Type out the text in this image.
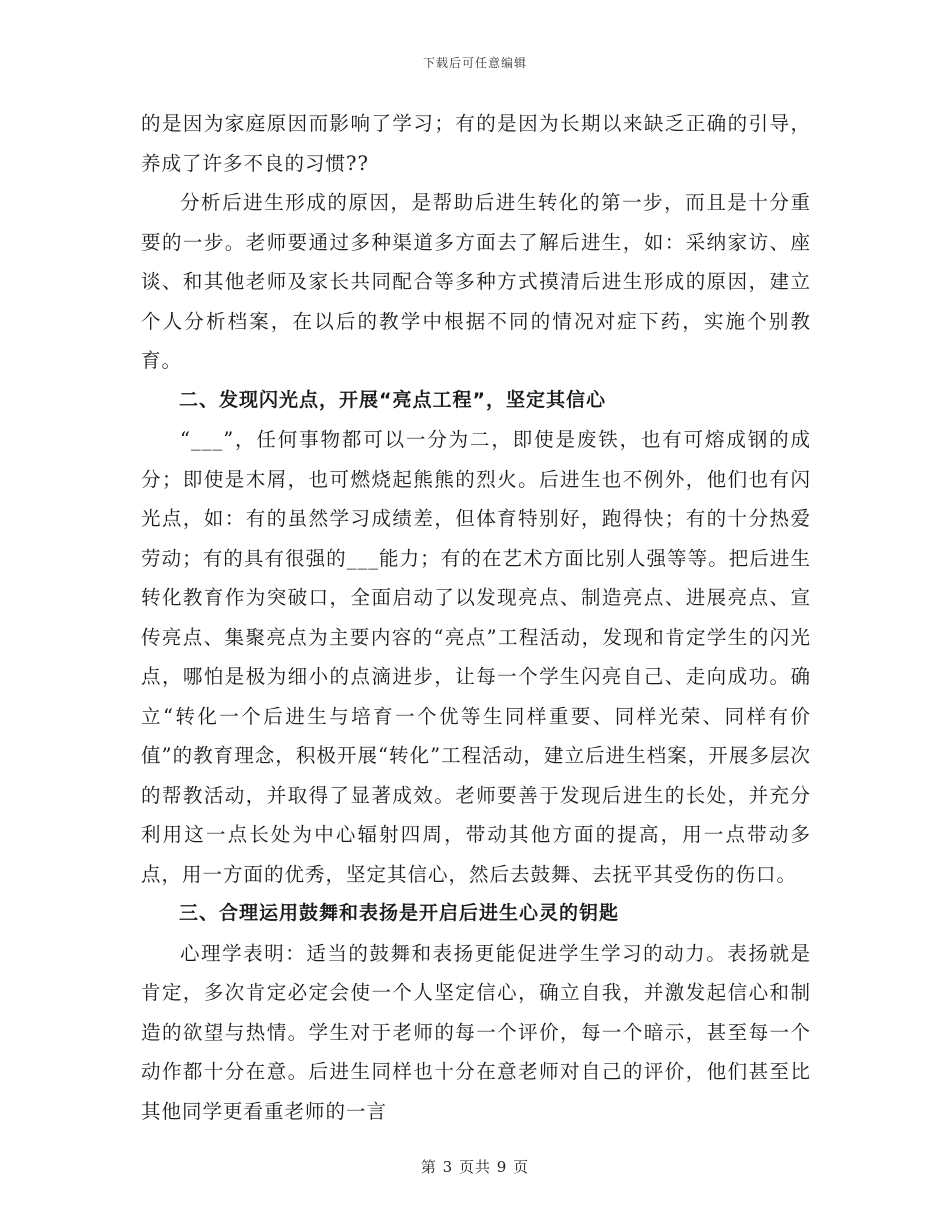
下载后可任意编辑

的是因为家庭原因而影响了学习；有的是因为长期以来缺乏正确的引导，养成了许多不良的习惯??

分析后进生形成的原因，是帮助后进生转化的第一步，而且是十分重要的一步。老师要通过多种渠道多方面去了解后进生，如：采纳家访、座谈、和其他老师及家长共同配合等多种方式摸清后进生形成的原因，建立个人分析档案，在以后的教学中根据不同的情况对症下药，实施个别教育。

二、发现闪光点，开展“亮点工程”，坚定其信心

“___”，任何事物都可以一分为二，即使是废铁，也有可熔成钢的成分；即使是木屑，也可燃烧起熊熊的烈火。后进生也不例外，他们也有闪光点，如：有的虽然学习成绩差，但体育特别好，跑得快；有的十分热爱劳动；有的具有很强的___能力；有的在艺术方面比别人强等等。把后进生转化教育作为突破口，全面启动了以发现亮点、制造亮点、进展亮点、宣传亮点、集聚亮点为主要内容的“亮点”工程活动，发现和肯定学生的闪光点，哪怕是极为细小的点滴进步，让每一个学生闪亮自己、走向成功。确立“转化一个后进生与培育一个优等生同样重要、同样光荣、同样有价值”的教育理念，积极开展“转化”工程活动，建立后进生档案，开展多层次的帮教活动，并取得了显著成效。老师要善于发现后进生的长处，并充分利用这一点长处为中心辐射四周，带动其他方面的提高，用一点带动多点，用一方面的优秀，坚定其信心，然后去鼓舞、去抚平其受伤的伤口。

三、合理运用鼓舞和表扬是开启后进生心灵的钥匙

心理学表明：适当的鼓舞和表扬更能促进学生学习的动力。表扬就是肯定，多次肯定必定会使一个人坚定信心，确立自我，并激发起信心和制造的欲望与热情。学生对于老师的每一个评价，每一个暗示，甚至每一个动作都十分在意。后进生同样也十分在意老师对自己的评价，他们甚至比其他同学更看重老师的一言

第 3 页共 9 页
